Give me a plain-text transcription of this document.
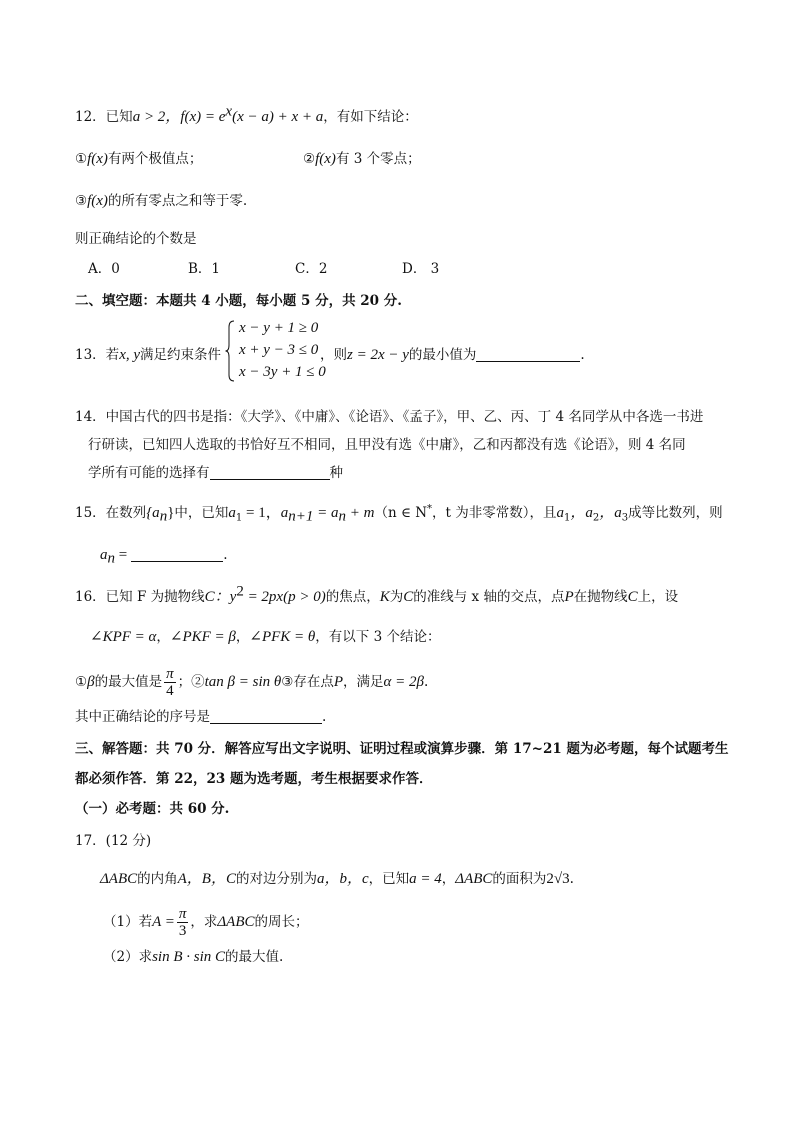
12．已知a > 2，$f(x) = e^x(x - a) + x + a$，有如下结论：
①f(x)有两个极值点；	②f(x)有 3 个零点；
③f(x)的所有零点之和等于零.
则正确结论的个数是
A．0	B．1	C．2	D． 3
二、填空题：本题共 4 小题，每小题 5 分，共 20 分.
13．若x, y满足约束条件
x − y + 1 ≥ 0
x + y − 3 ≤ 0
x − 3y + 1 ≤ 0
，则z = 2x − y的最小值为	.
14．中国古代的四书是指：《大学》、《中庸》、《论语》、《孟子》，甲、乙、丙、丁 4 名同学从中各选一书进
行研读，已知四人选取的书恰好互不相同，且甲没有选《中庸》，乙和丙都没有选《论语》，则 4 名同
学所有可能的选择有	种
15．在数列$\{a_n\}$中，已知$a_1 = 1$，$a_{n+1} = a_n + m(n$ ∈ N*，t 为非零常数），且$a_1$，$a_2$，$a_3$成等比数列，则
$a_n$ =	.
16．已知 F 为抛物线C：$y^2 = 2px(p > 0)$的焦点，K为C的准线与 x 轴的交点，点P在抛物线C上，设
∠KPF = α，∠PKF = β，∠PFK = θ，有以下 3 个结论：
①β的最大值是 $\frac{\pi}{4}$ ；②tan β = sin θ③存在点P，满足α = 2β.
其中正确结论的序号是	.
三、解答题：共 70 分．解答应写出文字说明、证明过程或演算步骤．第 17~21 题为必考题，每个试题考生
都必须作答．第 22，23 题为选考题，考生根据要求作答．
（一）必考题：共 60 分.
17．(12 分)
ΔABC的内角A，B，C的对边分别为a，b，c，已知a = 4，ΔABC的面积为2√3.
（1）若$A = \frac{\pi}{3}$ ，求ΔABC的周长；
（2）求sin B · sin C的最大值.
